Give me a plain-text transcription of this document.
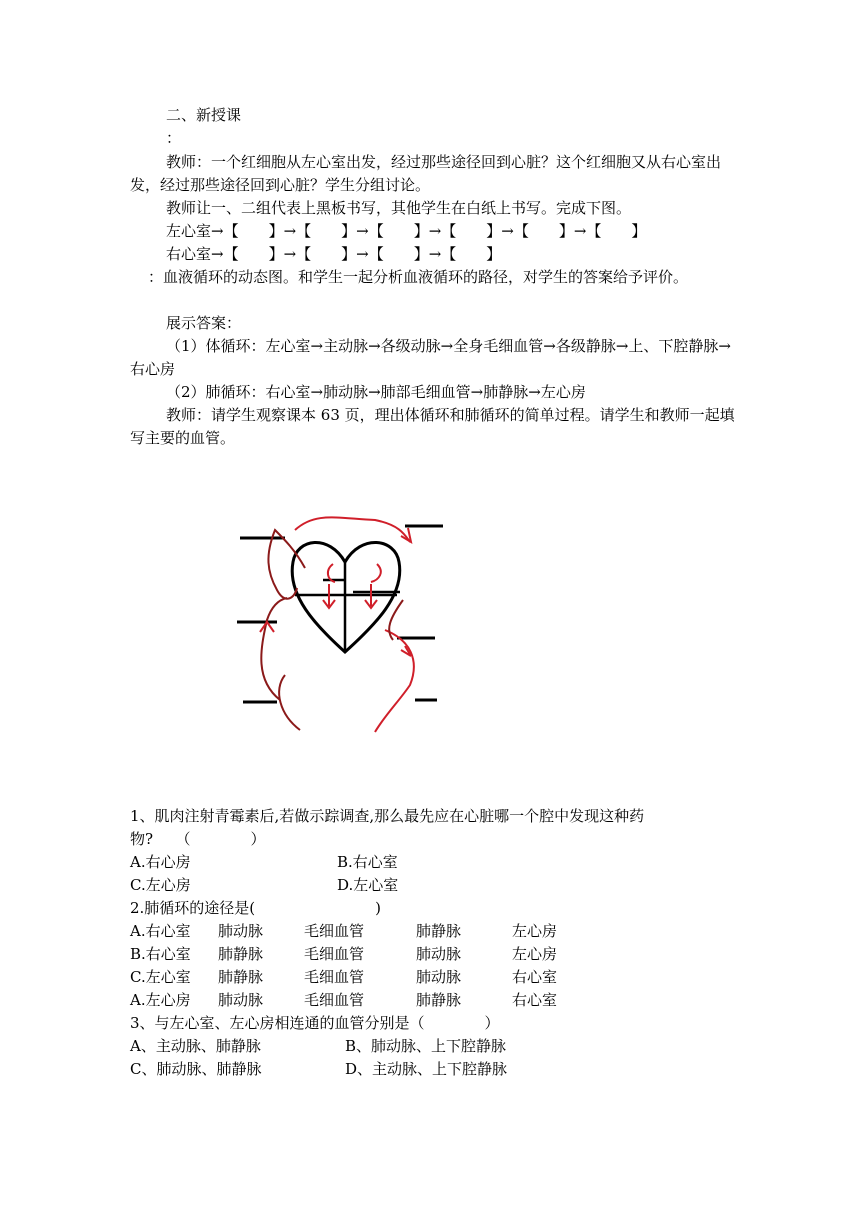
二、新授课
：
教师：一个红细胞从左心室出发，经过那些途径回到心脏？这个红细胞又从右心室出发，经过那些途径回到心脏？学生分组讨论。
教师让一、二组代表上黑板书写，其他学生在白纸上书写。完成下图。
左心室→【　　】→【　　】→【　　】→【　　】→【　　】→【　　】
右心室→【　　】→【　　】→【　　】→【　　】
：血液循环的动态图。和学生一起分析血液循环的路径，对学生的答案给予评价。
展示答案：
（1）体循环：左心室→主动脉→各级动脉→全身毛细血管→各级静脉→上、下腔静脉→右心房
（2）肺循环：右心室→肺动脉→肺部毛细血管→肺静脉→左心房
教师：请学生观察课本 63 页，理出体循环和肺循环的简单过程。请学生和教师一起填写主要的血管。
1、肌肉注射青霉素后,若做示踪调查,那么最先应在心脏哪一个腔中发现这种药
物?　　（　　　　）
A.右心房	B.右心室
C.左心房	D.左心室
2.肺循环的途径是(　　　　　　　　)
A.右心室 肺动脉	毛细血管	肺静脉	左心房
B.右心室 肺静脉	毛细血管	肺动脉	左心房
C.左心室 肺静脉	毛细血管	肺动脉	右心室
A.左心房 肺动脉	毛细血管	肺静脉	右心室
3、与左心室、左心房相连通的血管分别是（　　　　）
A、主动脉、肺静脉	B、肺动脉、上下腔静脉
C、肺动脉、肺静脉	D、主动脉、上下腔静脉
